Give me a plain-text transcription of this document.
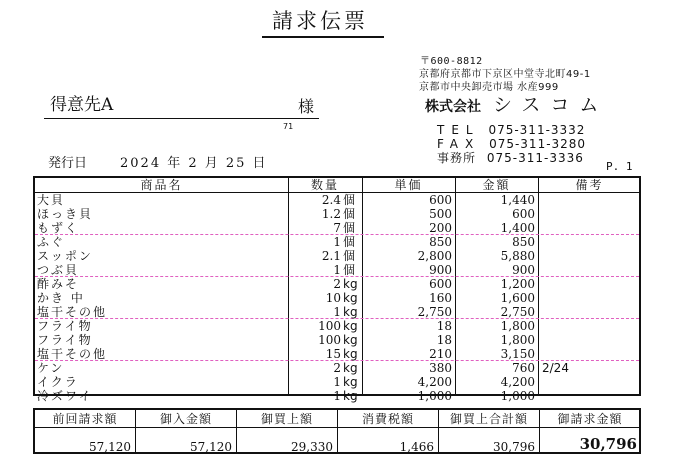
請求伝票
〒600-8812
京都府京都市下京区中堂寺北町49-1
京都市中央卸売市場 水産999
得意先A	様
71
株式会社 シスコム
TEL 075-311-3332
FAX 075-311-3280
事務所 075-311-3336
発行日	2024 年 2 月 25 日	P. 1
商品名	数量	単価	金額	備考
大貝	2.4 個	600	1,440
ほっき貝	1.2 個	500	600
もずく	7 個	200	1,400
ふぐ	1 個	850	850
スッポン	2.1 個	2,800	5,880
つぶ貝	1 個	900	900
酢みそ	2 kg	600	1,200
かき 中	10 kg	160	1,600
塩干その他	1 kg	2,750	2,750
フライ物	100 kg	18	1,800
フライ物	100 kg	18	1,800
塩干その他	15 kg	210	3,150
ケン	2 kg	380	760 2/24
イクラ	1 kg	4,200	4,200
冷ズワイ	1 kg	1,000	1,000
前回請求額	御入金額	御買上額	消費税額	御買上合計額	御請求金額
57,120	57,120	29,330	1,466	30,796	30,796
